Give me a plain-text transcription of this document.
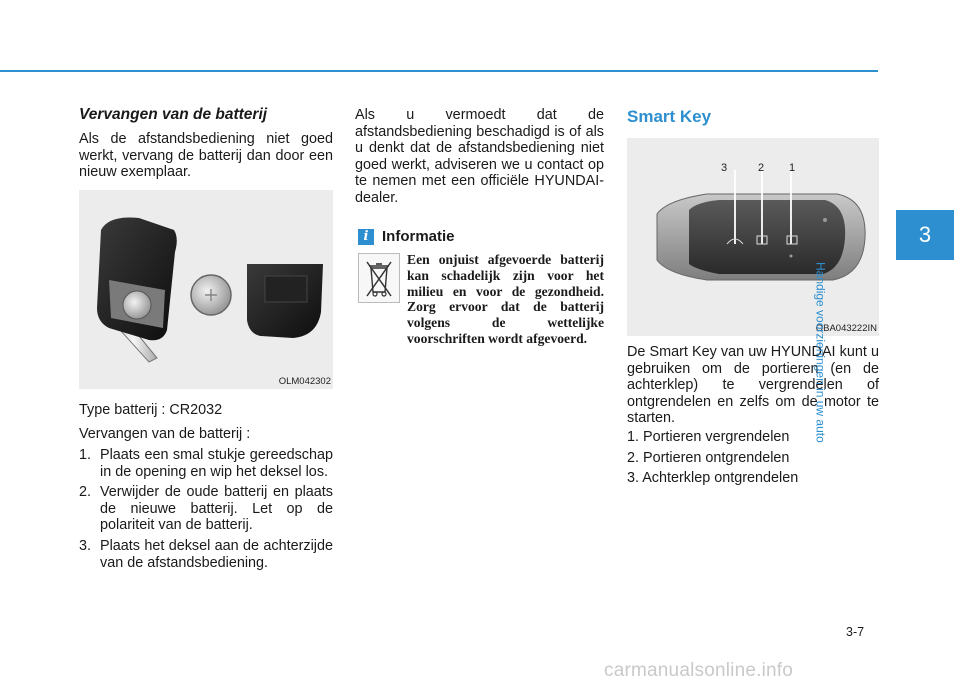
Vervangen van de batterij

Als de afstandsbediening niet goed werkt, vervang de batterij dan door een nieuw exemplaar.

OLM042302

Type batterij : CR2032

Vervangen van de batterij :

1. Plaats een smal stukje gereedschap in de opening en wip het deksel los.
2. Verwijder de oude batterij en plaats de nieuwe batterij. Let op de polariteit van de batterij.
3. Plaats het deksel aan de achterzijde van de afstandsbediening.

Als u vermoedt dat de afstandsbediening beschadigd is of als u denkt dat de afstandsbediening niet goed werkt, adviseren we u contact op te nemen met een officiële HYUNDAI-dealer.

i Informatie

Een onjuist afgevoerde batterij kan schadelijk zijn voor het milieu en voor de gezondheid. Zorg ervoor dat de batterij volgens de wettelijke voorschriften wordt afgevoerd.

Smart Key
3	2 1
OBA043222IN

De Smart Key van uw HYUNDAI kunt u gebruiken om de portieren (en de achterklep) te vergrendelen of ontgrendelen en zelfs om de motor te starten.

1. Portieren vergrendelen
2. Portieren ontgrendelen
3. Achterklep ontgrendelen
3
Handige voorzieningen in uw auto
3-7
carmanualsonline.info
